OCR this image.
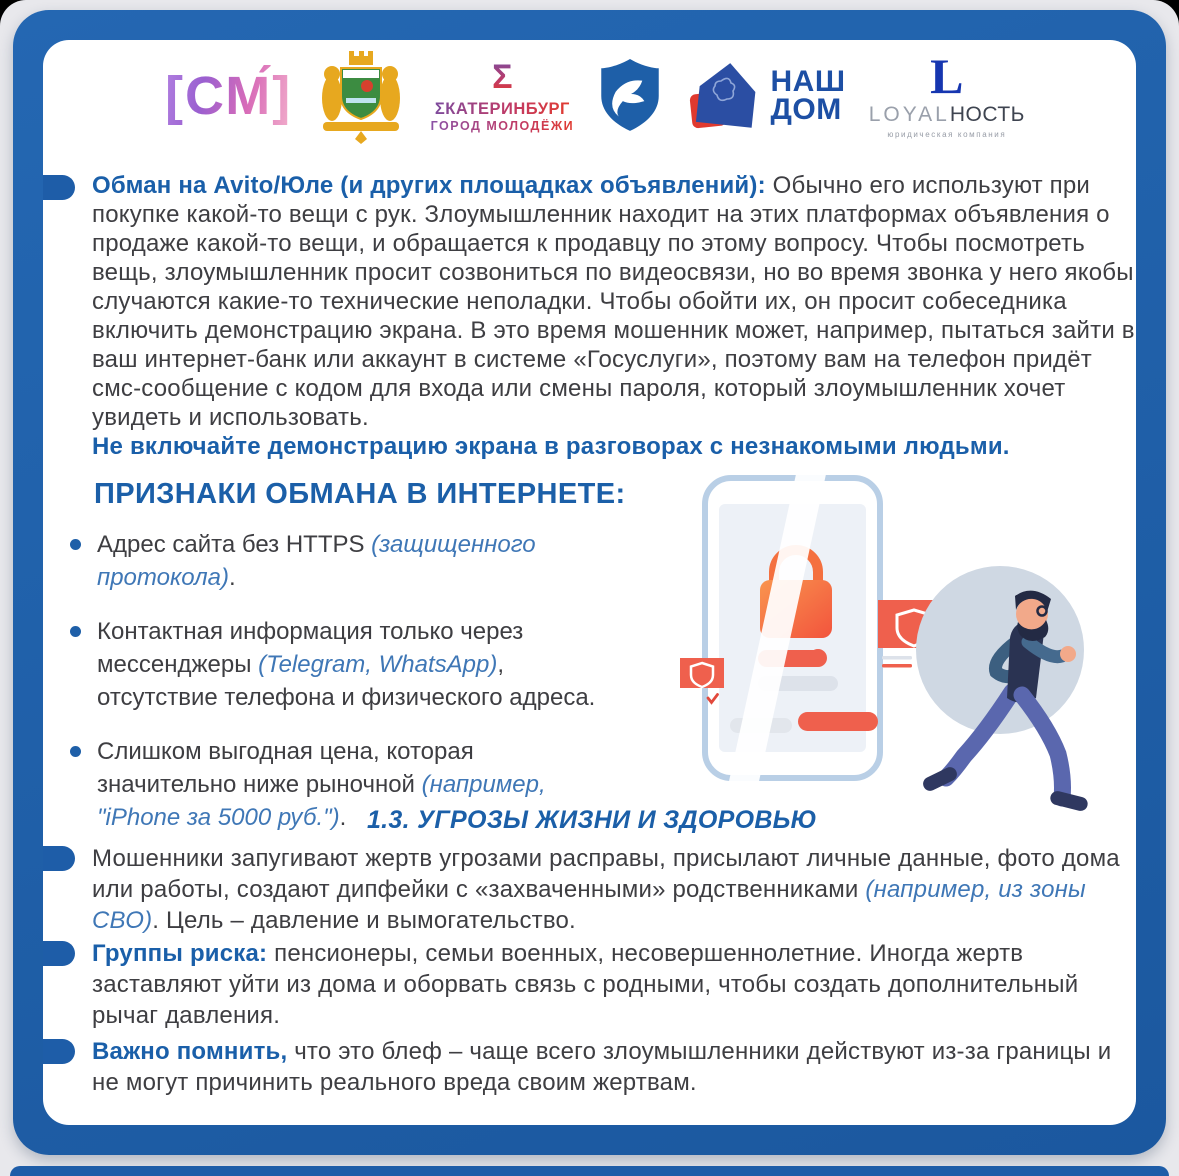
[СМ́]	Σ
ΣКАТЕРИНБУРГ
ГОРОД МОЛОДЁЖИ
НАШ
ДОМ
L
LOYALНОСТЬ
юридическая компания

Обман на Avito/Юле (и других площадках объявлений): Обычно его используют при покупке какой-то вещи с рук. Злоумышленник находит на этих платформах объявления о продаже какой-то вещи, и обращается к продавцу по этому вопросу. Чтобы посмотреть вещь, злоумышленник просит созвониться по видеосвязи, но во время звонка у него якобы случаются какие-то технические неполадки. Чтобы обойти их, он просит собеседника включить демонстрацию экрана. В это время мошенник может, например, пытаться зайти в ваш интернет-банк или аккаунт в системе «Госуслуги», поэтому вам на телефон придёт смс-сообщение с кодом для входа или смены пароля, который злоумышленник хочет увидеть и использовать.
Не включайте демонстрацию экрана в разговорах с незнакомыми людьми.

ПРИЗНАКИ ОБМАНА В ИНТЕРНЕТЕ:
Адрес сайта без HTTPS (защищенного протокола).
Контактная информация только через мессенджеры (Telegram, WhatsApp), отсутствие телефона и физического адреса.
Слишком выгодная цена, которая значительно ниже рыночной (например, "iPhone за 5000 руб."). 1.3. УГРОЗЫ ЖИЗНИ И ЗДОРОВЬЮ

Мошенники запугивают жертв угрозами расправы, присылают личные данные, фото дома или работы, создают дипфейки с «захваченными» родственниками (например, из зоны СВО). Цель – давление и вымогательство.

Группы риска: пенсионеры, семьи военных, несовершеннолетние. Иногда жертв заставляют уйти из дома и оборвать связь с родными, чтобы создать дополнительный рычаг давления.

Важно помнить, что это блеф – чаще всего злоумышленники действуют из-за границы и не могут причинить реального вреда своим жертвам.
